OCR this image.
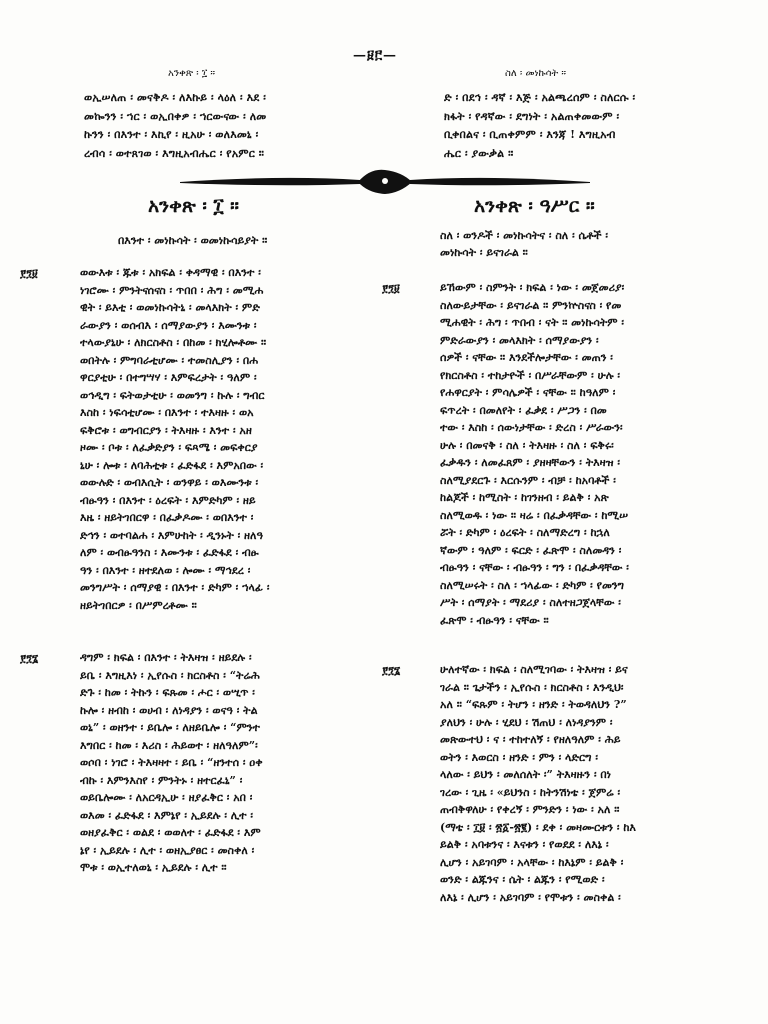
—፱፫—
አንቀጽ ፡ ፲ ።	ስለ ፡ መነኩሳት ።
ወኢሠለጠ ፡ መናቅዶ ፡ ለእኩይ ፡ ላዕለ ፡ እደ ፡
መኰንን ፡ ኀር ፡ ወኢበቀዎ ፡ ኀርውናው ፡ ለመ
ኩንን ፡ በእንተ ፡ እኪየ ፡ ዚአሁ ፡ ወለእመኒ ፡
ረብሳ ፡ ወተጸገወ ፡ እግዚአብሔር ፡ የአምር ።
ድ ፡ በደኅ ፡ ዳኛ ፡ እጅ ፡ አልጫረሰም ፡ ስለርሱ ፡
ክፋት ፡ የዳኛው ፡ ደግነት ፡ አልጠቀመውም ፡
ቢቀበልና ፡ ቢጠቀምም ፡ እንጃ ! እግዚአብ
ሔር ፡ ያውቃል ።
አንቀጽ ፡ ፲ ።	አንቀጽ ፡ ዓሥር ።
በእንተ ፡ መነኩሳት ፡ ወመነኩሳይያት ።	ስለ ፡ ወንዶች ፡ መነኩሳትና ፡ ስለ ፡ ሴቶች ፡
መነኩሳት ፡ ይናገራል ።
፻፺፱	ወውእቱ ፡ ጁቱ ፡ አክፍል ፡ ቀዳማዊ ፡ በእንተ ፡
ነገሮሙ ፡ ምንትናሰናስ ፡ ጥበበ ፡ ሕግ ፡ መሚሐ
ዊት ፡ ይእቲ ፡ ወመነኩሳትኒ ፡ መላእክት ፡ ምድ
ራውያን ፡ ወሰብእ ፡ ሰማያውያን ፡ እሙንቱ ፡
ተላውያኒሁ ፡ ለክርስቶስ ፡ በከመ ፡ ክሂሎቶሙ ።
ወበትሉ ፡ ምግባራቲሆሙ ፡ ተመስሊያን ፡ በሐ
ዋርያቲሁ ፡ በተግሣሃ ፡ እምፍረታት ፡ ዓለም ፡
ወኅዲግ ፡ ፍትወታቲሁ ፡ ወመንግ ፡ ኩሉ ፡ ግብር
እስከ ፡ ነፍሳቲሆሙ ፡ በእንተ ፡ ተእዛዙ ፡ ወአ
ፍቅሮቱ ፡ ወግብርያን ፡ ትእዛዙ ፡ እንተ ፡ አዘ
ዞሙ ፡ ቦቱ ፡ ለፈቃድያን ፡ ፍጻሜ ፡ መፍቀርያ
ኒሁ ፡ ሎቱ ፡ ለባሕቲቱ ፡ ፈድፋደ ፡ እምአበው ፡
ወውሉድ ፡ ወብእሲት ፡ ወንዋይ ፡ ወእሙንቱ ፡
ብፁዓን ፡ በእንተ ፡ ዕረፍት ፡ እምድካም ፡ ዘይ
እዜ ፡ ዘይትገበርዋ ፡ በፈቃዶሙ ፡ ወበእንተ ፡
ድኅን ፡ ወተባልሐ ፡ እምሁከት ፡ ዲንኑት ፡ ዘለዓ
ለም ፡ ወብፁዓንስ ፡ እሙንቱ ፡ ፈድፋደ ፡ ብፁ
ዓን ፡ በእንተ ፡ ዘተደለወ ፡ ሎሙ ፡ ማኅደረ ፡
መንግሥት ፡ ሰማያዊ ፡ በእንተ ፡ ድካም ፡ ኀላፊ ፡
ዘይትገበርዎ ፡ በሥምረቶሙ ።
፻፺፮	ዳግም ፡ ክፍል ፡ በእንተ ፡ ትእዛዝ ፡ ዘይደሉ ፡
ይቤ ፡ እግዚእነ ፡ ኢየሱስ ፡ ክርስቶስ ፡ “ትሬሕ
ድጉ ፡ ከመ ፡ ትኩን ፡ ፍጹመ ፡ ሖር ፡ ወሢጥ ፡
ኩሎ ፡ ዘብከ ፡ ወሀብ ፡ ለነዳያን ፡ ወናዓ ፡ ትል
ወኒ” ፡ ወዘንተ ፡ ይቤሎ ፡ ለዘይቤሎ ፡ “ምንተ
እግበር ፡ ከመ ፡ እሪስ ፡ ሕይወተ ፡ ዘለዓለም”፡
ወሶበ ፡ ነገሮ ፡ ትእዛዛተ ፡ ይቤ ፡ “ዘንተሰ ፡ ዐቀ
ብኩ ፡ እምንእስየ ፡ ምንትኑ ፡ ዘተርፈኒ” ፡
ወይቤሎሙ ፡ ለአርዳኢሁ ፡ ዘያፈቅር ፡ አበ ፡
ወእመ ፡ ፈድፋደ ፡ እምኔየ ፡ ኢይደሉ ፡ ሊተ ፡
ወዘያፈቅር ፡ ወልደ ፡ ወወለተ ፡ ፈድፋደ ፡ እም
ኔየ ፡ ኢይደሉ ፡ ሊተ ፡ ወዘኢያፀር ፡ መስቀለ ፡
ሞቱ ፡ ወኢተለወኒ ፡ ኢይደሉ ፡ ሊተ ።
፻፺፱	ይኸውም ፡ ስምንት ፡ ክፍል ፡ ነው ፡ መጀመሪያ፡
ስለውይታቸው ፡ ይናገራል ። ምንኵስናስ ፡ የመ
ሚሐዊት ፡ ሕግ ፡ ጥበብ ፡ ናት ። መነኩሳትም ፡
ምድራውያን ፡ መላእክት ፡ ሰማያውያን ፡
ሰዎች ፡ ናቸው ። እንደችሎታቸው ፡ መጠን ፡
የክርስቶስ ፡ ተከታዮች ፡ በሥራቸውም ፡ ሁሉ ፡
የሐዋርያት ፡ ምሳሌዎች ፡ ናቸው ። ከዓለም ፡
ፍጥረት ፡ በመለየት ፡ ፈቃደ ፡ ሥጋን ፡ በመ
ተው ፡ እስከ ፡ ሰውነታቸው ፡ ድረስ ፡ ሥራውን፡
ሁሉ ፡ በመናቅ ፡ ስለ ፡ ትእዛዙ ፡ ስለ ፡ ፍቅሩ፡
ፈቃዱን ፡ ለመፈጸም ፡ ያዘዛቸውን ፡ ትእዛዝ ፡
ስለሚያደርጉ ፡ እርሱንም ፡ ብቻ ፡ ከአባቶች ፡
ከልጆች ፡ ከሚስት ፡ ከገንዘብ ፡ ይልቅ ፡ አጽ
ስለሚወዱ ፡ ነው ። ዛሬ ፡ በፈቃዳቸው ፡ ከሚሠ
ሯት ፡ ድካም ፡ ዕረፍት ፡ ስለማድረግ ፡ ከኋለ
ኛውም ፡ ዓለም ፡ ፍርድ ፡ ፈጽሞ ፡ ስለመዳን ፡
ብፁዓን ፡ ናቸው ፡ ብፁዓን ፡ ግን ፡ በፈቃዳቸው ፡
ስለሚሠሩት ፡ ስለ ፡ ኀላፊው ፡ ድካም ፡ የመንግ
ሥት ፡ ሰማያት ፡ ማደሪያ ፡ ስለተዘጋጀላቸው ፡
ፈጽሞ ፡ ብፁዓን ፡ ናቸው ።
፻፺፮	ሁለተኛው ፡ ክፍል ፡ ስለሚገባው ፡ ትእዛዝ ፡ ይና
ገራል ። ጌታችን ፡ ኢየሱስ ፡ ክርስቶስ ፡ እንዲህ፡
አለ ። “ፍጹም ፡ ትሆን ፡ ዘንድ ፡ ትወዳለህን ?”
ያለህን ፡ ሁሉ ፡ ሂደህ ፡ ሽጠህ ፡ ለነዳያንም ፡
መጽውተህ ፡ ና ፡ ተከተለኝ ፡ የዘለዓለም ፡ ሕይ
ወትን ፡ እወርስ ፡ ዘንድ ፡ ምን ፡ ላድርግ ፡
ላለው ፡ ይህን ፡ መለሰለት ፡” ትእዛዙን ፡ በነ
ገረው ፡ ጊዜ ፡ «ይህንስ ፡ ከትንሽነቴ ፡ ጀምሬ ፡
ጠብቅዋለሁ ፡ የቀረኝ ፡ ምንድን ፡ ነው ፡ አለ ።
(ማቴ ፡ ፲፱ ፡ ፳፩-፳፪) ፡ ደቀ ፡ መዛሙርቱን ፡ ከእ
ይልቅ ፡ አባቱንና ፡ እናቱን ፡ የወደደ ፡ ለእኔ ፡
ሊሆን ፡ አይገባም ፡ አላቸው ፡ ከእኔም ፡ ይልቅ ፡
ወንድ ፡ ልጁንና ፡ ሴት ፡ ልጁን ፡ የሚወድ ፡
ለእኔ ፡ ሊሆን ፡ አይገባም ፡ የሞቱን ፡ መስቀል ፡
